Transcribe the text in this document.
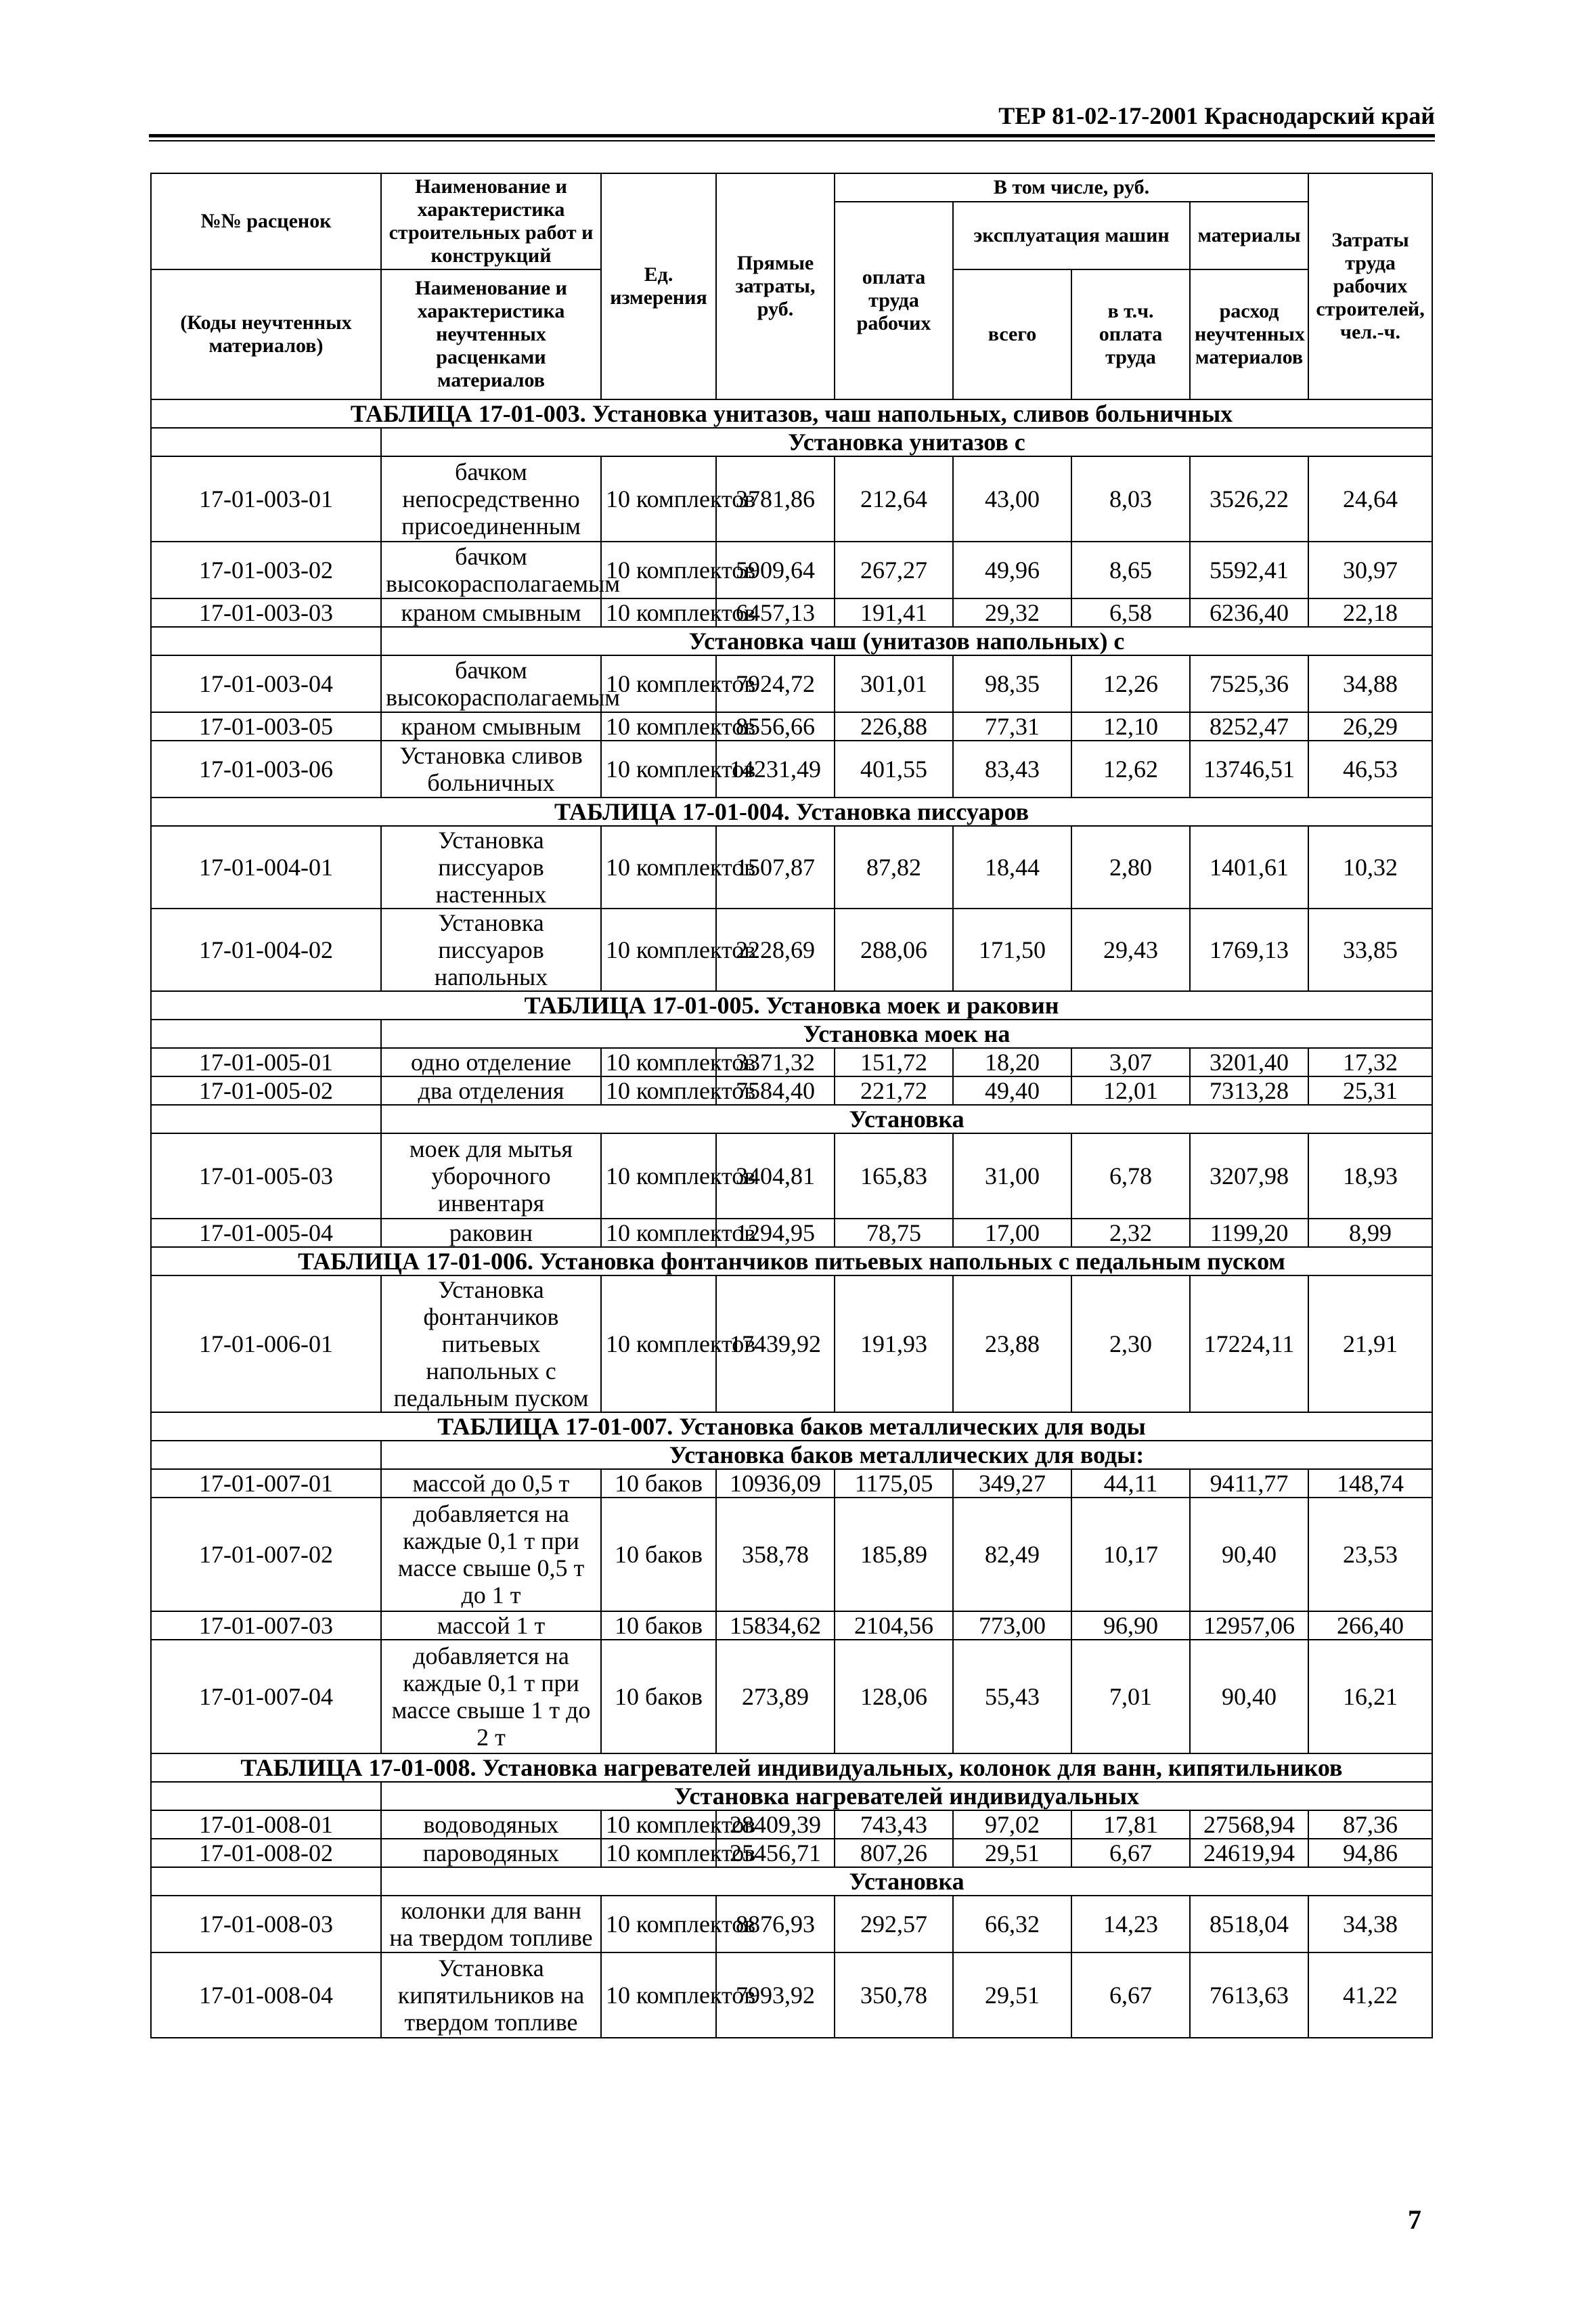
ТЕР 81-02-17-2001 Краснодарский край
№№ расценок	Наименование и характеристика строительных работ и конструкций	Ед. измерения	Прямые затраты, руб.	В том числе, руб.				Затраты труда рабочих строителей, чел.-ч.
				оплата труда рабочих	эксплуатация машин		материалы	
(Коды неучтенных материалов)	Наименование и характеристика неучтенных расценками материалов				всего	в т.ч. оплата труда	расход неучтенных материалов	

ТАБЛИЦА 17-01-003. Установка унитазов, чаш напольных, сливов больничных								
	Установка унитазов с							
17-01-003-01	бачком непосредственно присоединенным	10 комплектов	3781,86	212,64	43,00	8,03	3526,22	24,64
17-01-003-02	бачком высокорасполагаемым	10 комплектов	5909,64	267,27	49,96	8,65	5592,41	30,97
17-01-003-03	краном смывным	10 комплектов	6457,13	191,41	29,32	6,58	6236,40	22,18
	Установка чаш (унитазов напольных) с							
17-01-003-04	бачком высокорасполагаемым	10 комплектов	7924,72	301,01	98,35	12,26	7525,36	34,88
17-01-003-05	краном смывным	10 комплектов	8556,66	226,88	77,31	12,10	8252,47	26,29
17-01-003-06	Установка сливов больничных	10 комплектов	14231,49	401,55	83,43	12,62	13746,51	46,53
ТАБЛИЦА 17-01-004. Установка писсуаров								
17-01-004-01	Установка писсуаров настенных	10 комплектов	1507,87	87,82	18,44	2,80	1401,61	10,32
17-01-004-02	Установка писсуаров напольных	10 комплектов	2228,69	288,06	171,50	29,43	1769,13	33,85
ТАБЛИЦА 17-01-005. Установка моек и раковин								
	Установка моек на							
17-01-005-01	одно отделение	10 комплектов	3371,32	151,72	18,20	3,07	3201,40	17,32
17-01-005-02	два отделения	10 комплектов	7584,40	221,72	49,40	12,01	7313,28	25,31
	Установка							
17-01-005-03	моек для мытья уборочного инвентаря	10 комплектов	3404,81	165,83	31,00	6,78	3207,98	18,93
17-01-005-04	раковин	10 комплектов	1294,95	78,75	17,00	2,32	1199,20	8,99
ТАБЛИЦА 17-01-006. Установка фонтанчиков питьевых напольных с педальным пуском								
17-01-006-01	Установка фонтанчиков питьевых напольных с педальным пуском	10 комплектов	17439,92	191,93	23,88	2,30	17224,11	21,91
ТАБЛИЦА 17-01-007. Установка баков металлических для воды								
	Установка баков металлических для воды:							
17-01-007-01	массой до 0,5 т	10 баков	10936,09	1175,05	349,27	44,11	9411,77	148,74
17-01-007-02	добавляется на каждые 0,1 т при массе свыше 0,5 т до 1 т	10 баков	358,78	185,89	82,49	10,17	90,40	23,53
17-01-007-03	массой 1 т	10 баков	15834,62	2104,56	773,00	96,90	12957,06	266,40
17-01-007-04	добавляется на каждые 0,1 т при массе свыше 1 т до 2 т	10 баков	273,89	128,06	55,43	7,01	90,40	16,21
ТАБЛИЦА 17-01-008. Установка нагревателей индивидуальных, колонок для ванн, кипятильников								
	Установка нагревателей индивидуальных							
17-01-008-01	водоводяных	10 комплектов	28409,39	743,43	97,02	17,81	27568,94	87,36
17-01-008-02	пароводяных	10 комплектов	25456,71	807,26	29,51	6,67	24619,94	94,86
	Установка							
17-01-008-03	колонки для ванн на твердом топливе	10 комплектов	8876,93	292,57	66,32	14,23	8518,04	34,38
17-01-008-04	Установка кипятильников на твердом топливе	10 комплектов	7993,92	350,78	29,51	6,67	7613,63	41,22
7
